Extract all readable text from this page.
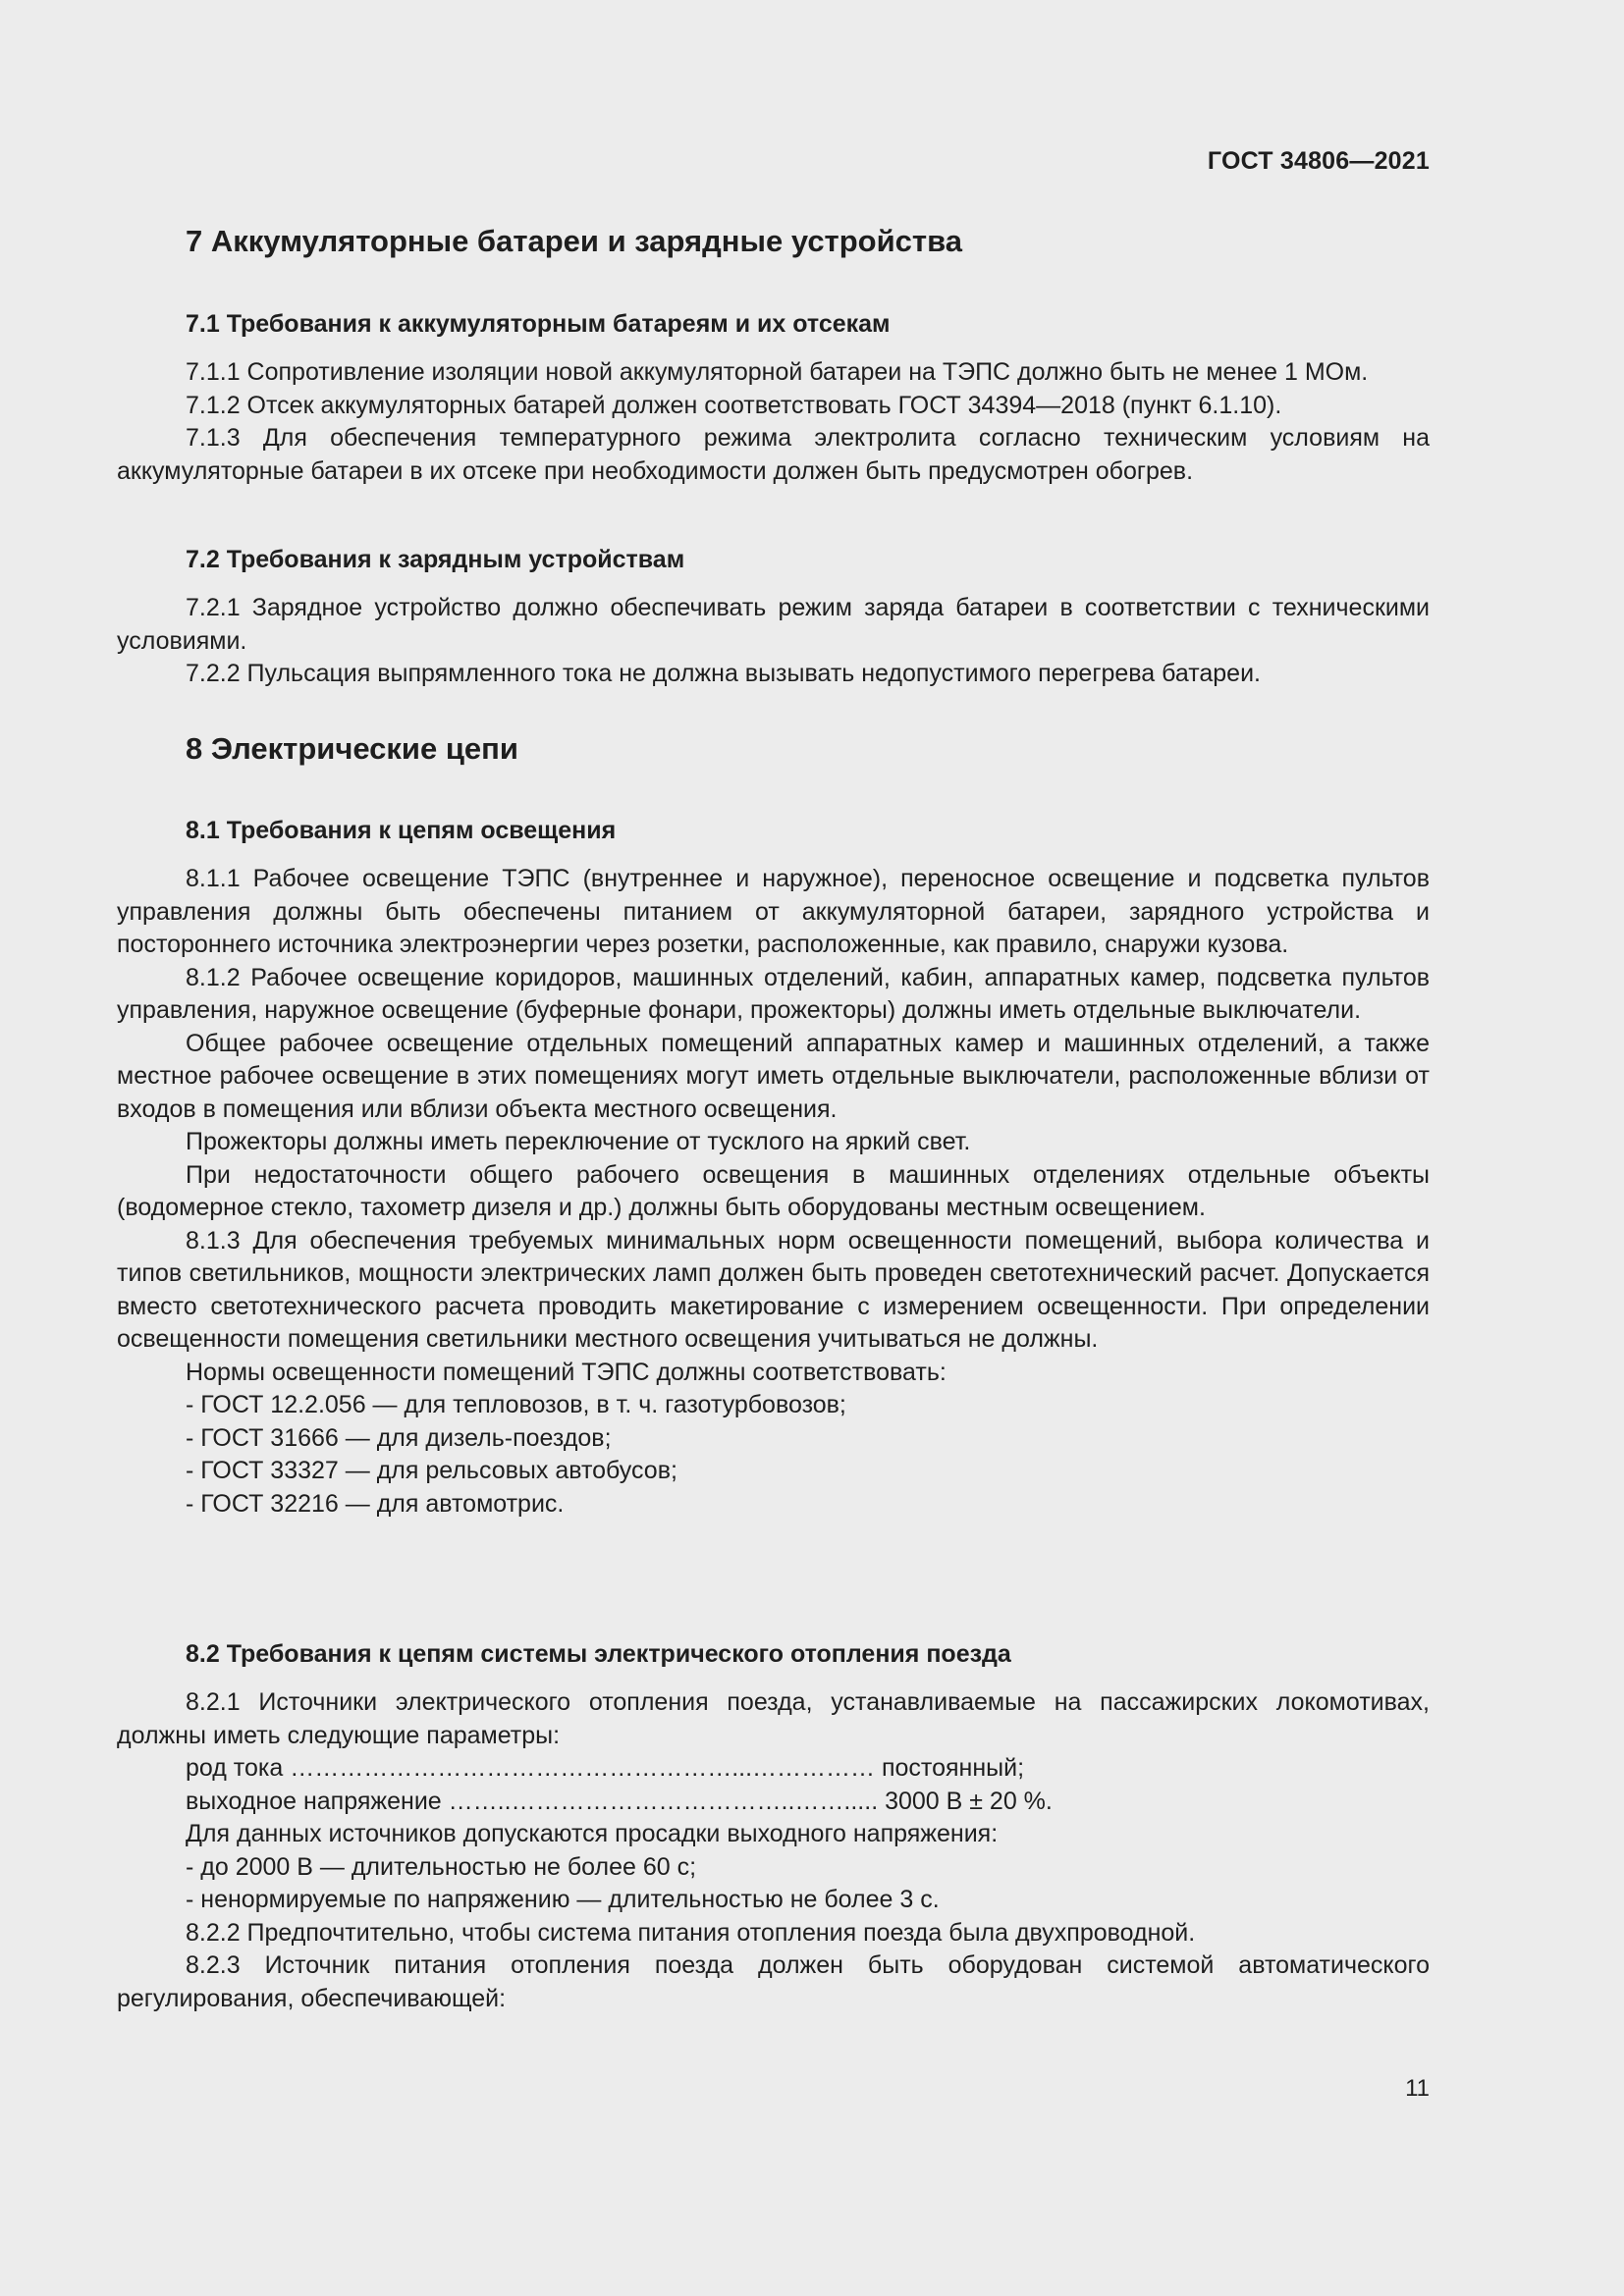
ГОСТ 34806—2021
7 Аккумуляторные батареи и зарядные устройства
7.1 Требования к аккумуляторным батареям и их отсекам

7.1.1 Сопротивление изоляции новой аккумуляторной батареи на ТЭПС должно быть не менее 1 МОм.

7.1.2 Отсек аккумуляторных батарей должен соответствовать ГОСТ 34394—2018 (пункт 6.1.10).

7.1.3 Для обеспечения температурного режима электролита согласно техническим условиям на аккумуляторные батареи в их отсеке при необходимости должен быть предусмотрен обогрев.

7.2 Требования к зарядным устройствам

7.2.1 Зарядное устройство должно обеспечивать режим заряда батареи в соответствии с техническими условиями.

7.2.2 Пульсация выпрямленного тока не должна вызывать недопустимого перегрева батареи.

8 Электрические цепи
8.1 Требования к цепям освещения

8.1.1 Рабочее освещение ТЭПС (внутреннее и наружное), переносное освещение и подсветка пультов управления должны быть обеспечены питанием от аккумуляторной батареи, зарядного устройства и постороннего источника электроэнергии через розетки, расположенные, как правило, снаружи кузова.

8.1.2 Рабочее освещение коридоров, машинных отделений, кабин, аппаратных камер, подсветка пультов управления, наружное освещение (буферные фонари, прожекторы) должны иметь отдельные выключатели.

Общее рабочее освещение отдельных помещений аппаратных камер и машинных отделений, а также местное рабочее освещение в этих помещениях могут иметь отдельные выключатели, расположенные вблизи от входов в помещения или вблизи объекта местного освещения.

Прожекторы должны иметь переключение от тусклого на яркий свет.

При недостаточности общего рабочего освещения в машинных отделениях отдельные объекты (водомерное стекло, тахометр дизеля и др.) должны быть оборудованы местным освещением.

8.1.3 Для обеспечения требуемых минимальных норм освещенности помещений, выбора количества и типов светильников, мощности электрических ламп должен быть проведен светотехнический расчет. Допускается вместо светотехнического расчета проводить макетирование с измерением освещенности. При определении освещенности помещения светильники местного освещения учитываться не должны.

Нормы освещенности помещений ТЭПС должны соответствовать:

- ГОСТ 12.2.056 — для тепловозов, в т. ч. газотурбовозов;

- ГОСТ 31666 — для дизель-поездов;

- ГОСТ 33327 — для рельсовых автобусов;

- ГОСТ 32216 — для автомотрис.

8.2 Требования к цепям системы электрического отопления поезда

8.2.1 Источники электрического отопления поезда, устанавливаемые на пассажирских локомотивах, должны иметь следующие параметры:

род тока ………………………………………………...…………… постоянный;

выходное напряжение ……..……………………………..……..... 3000 В ± 20 %.

Для данных источников допускаются просадки выходного напряжения:

- до 2000 В — длительностью не более 60 с;

- ненормируемые по напряжению — длительностью не более 3 с.

8.2.2 Предпочтительно, чтобы система питания отопления поезда была двухпроводной.

8.2.3 Источник питания отопления поезда должен быть оборудован системой автоматического регулирования, обеспечивающей:

11
